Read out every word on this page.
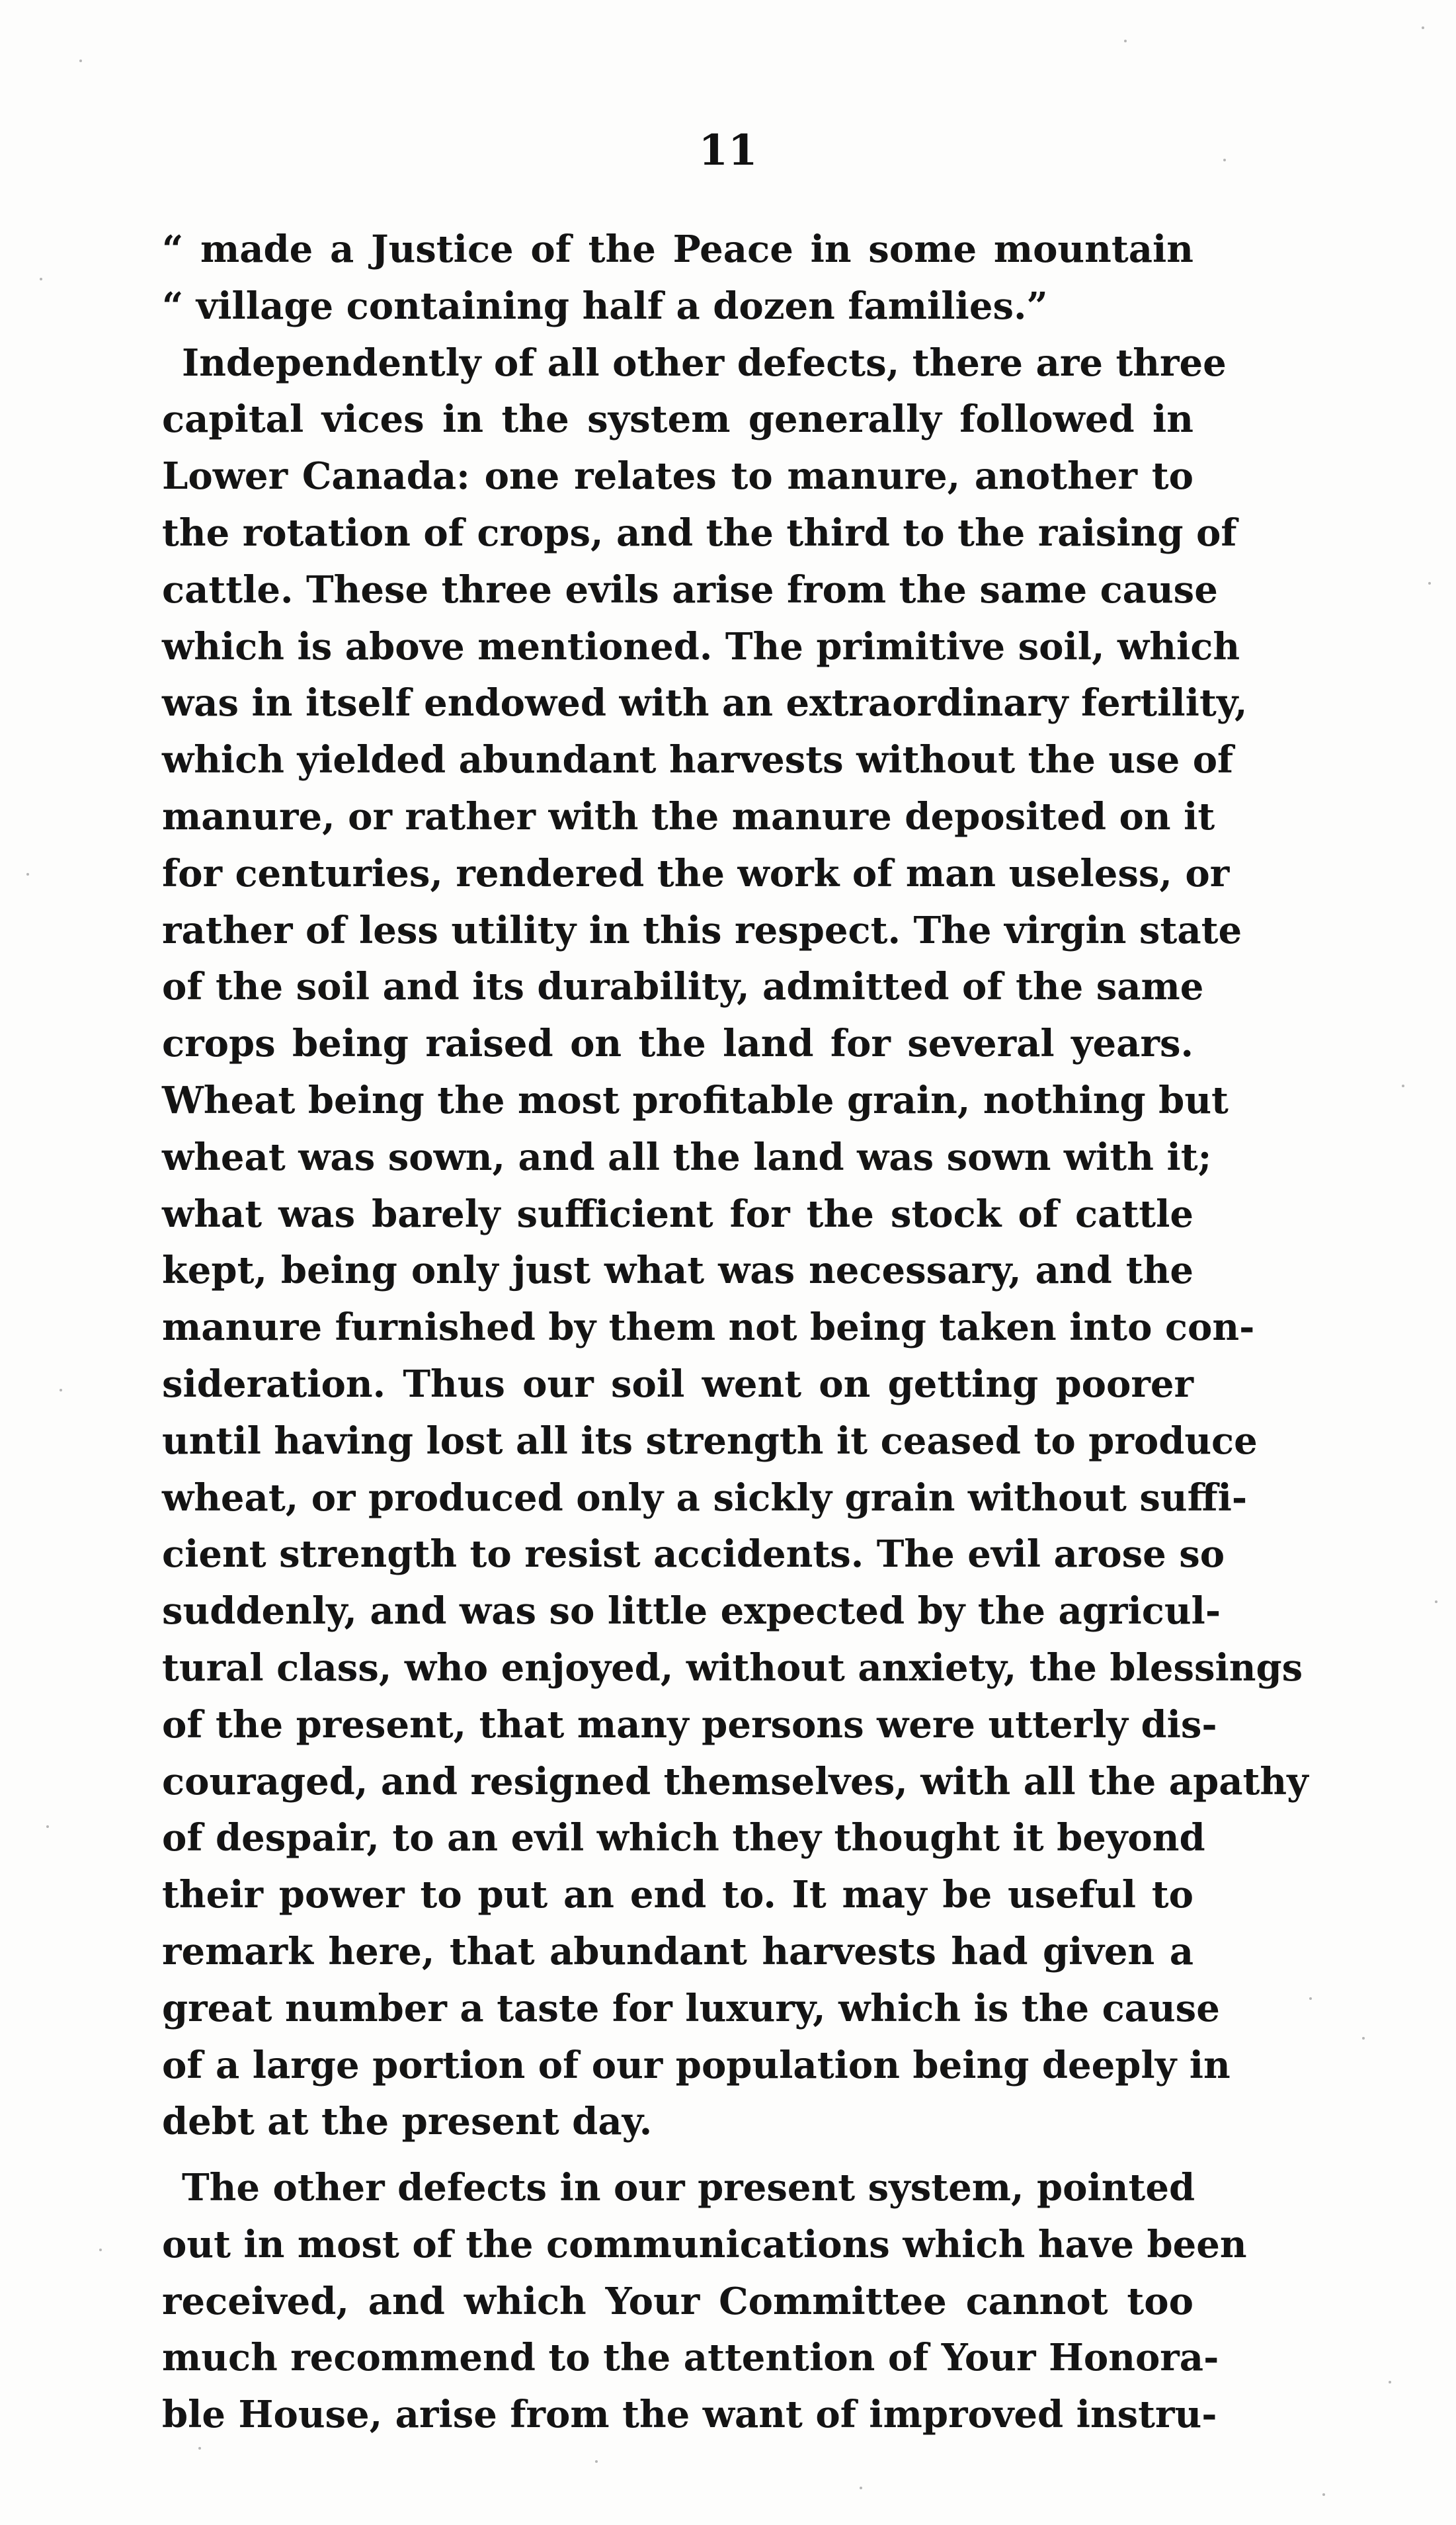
11
“ made a Justice of the Peace in some mountain
“ village containing half a dozen families.”
Independently of all other defects, there are three
capital vices in the system generally followed in
Lower Canada: one relates to manure, another to
the rotation of crops, and the third to the raising of
cattle. These three evils arise from the same cause
which is above mentioned. The primitive soil, which
was in itself endowed with an extraordinary fertility,
which yielded abundant harvests without the use of
manure, or rather with the manure deposited on it
for centuries, rendered the work of man useless, or
rather of less utility in this respect. The virgin state
of the soil and its durability, admitted of the same
crops being raised on the land for several years.
Wheat being the most profitable grain, nothing but
wheat was sown, and all the land was sown with it;
what was barely sufficient for the stock of cattle
kept, being only just what was necessary, and the
manure furnished by them not being taken into con-
sideration. Thus our soil went on getting poorer
until having lost all its strength it ceased to produce
wheat, or produced only a sickly grain without suffi-
cient strength to resist accidents. The evil arose so
suddenly, and was so little expected by the agricul-
tural class, who enjoyed, without anxiety, the blessings
of the present, that many persons were utterly dis-
couraged, and resigned themselves, with all the apathy
of despair, to an evil which they thought it beyond
their power to put an end to. It may be useful to
remark here, that abundant harvests had given a
great number a taste for luxury, which is the cause
of a large portion of our population being deeply in
debt at the present day.
The other defects in our present system, pointed
out in most of the communications which have been
received, and which Your Committee cannot too
much recommend to the attention of Your Honora-
ble House, arise from the want of improved instru-
